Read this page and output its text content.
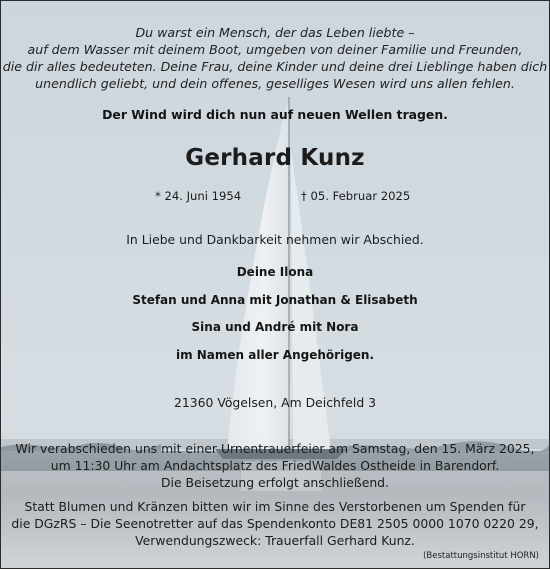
Du warst ein Mensch, der das Leben liebte –
auf dem Wasser mit deinem Boot, umgeben von deiner Familie und Freunden,
die dir alles bedeuteten. Deine Frau, deine Kinder und deine drei Lieblinge haben dich
unendlich geliebt, und dein offenes, geselliges Wesen wird uns allen fehlen.
Der Wind wird dich nun auf neuen Wellen tragen.
Gerhard Kunz
* 24. Juni 1954	† 05. Februar 2025
In Liebe und Dankbarkeit nehmen wir Abschied.
Deine Ilona
Stefan und Anna mit Jonathan & Elisabeth
Sina und André mit Nora
im Namen aller Angehörigen.
21360 Vögelsen, Am Deichfeld 3
Wir verabschieden uns mit einer Urnentrauerfeier am Samstag, den 15. März 2025,
um 11:30 Uhr am Andachtsplatz des FriedWaldes Ostheide in Barendorf.
Die Beisetzung erfolgt anschließend.
Statt Blumen und Kränzen bitten wir im Sinne des Verstorbenen um Spenden für
die DGzRS – Die Seenotretter auf das Spendenkonto DE81 2505 0000 1070 0220 29,
Verwendungszweck: Trauerfall Gerhard Kunz.
(Bestattungsinstitut HORN)
